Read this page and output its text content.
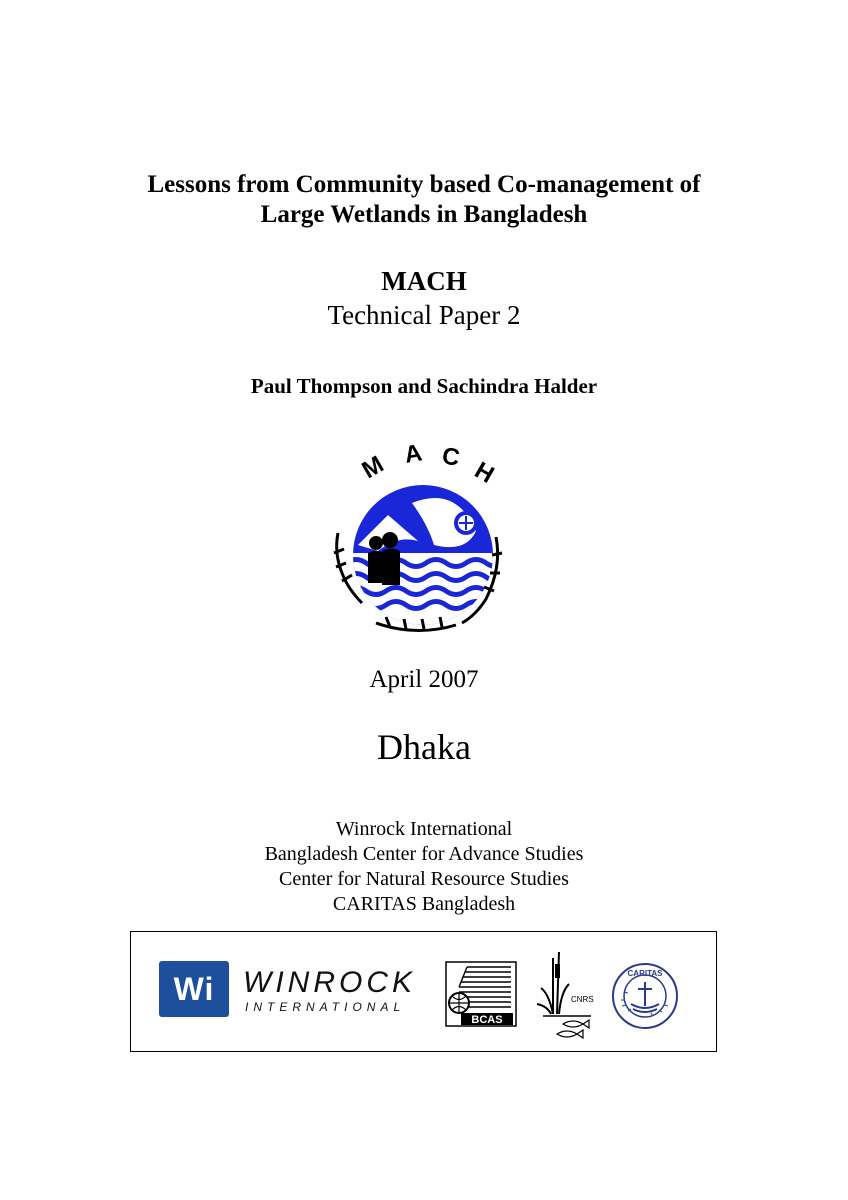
Lessons from Community based Co-management of
Large Wetlands in Bangladesh
MACH
Technical Paper 2
Paul Thompson and Sachindra Halder
M A C H
April 2007
Dhaka
Winrock International
Bangladesh Center for Advance Studies
Center for Natural Resource Studies
CARITAS Bangladesh
Wi WINROCK
INTERNATIONAL
BCAS
CNRS
CARITAS
